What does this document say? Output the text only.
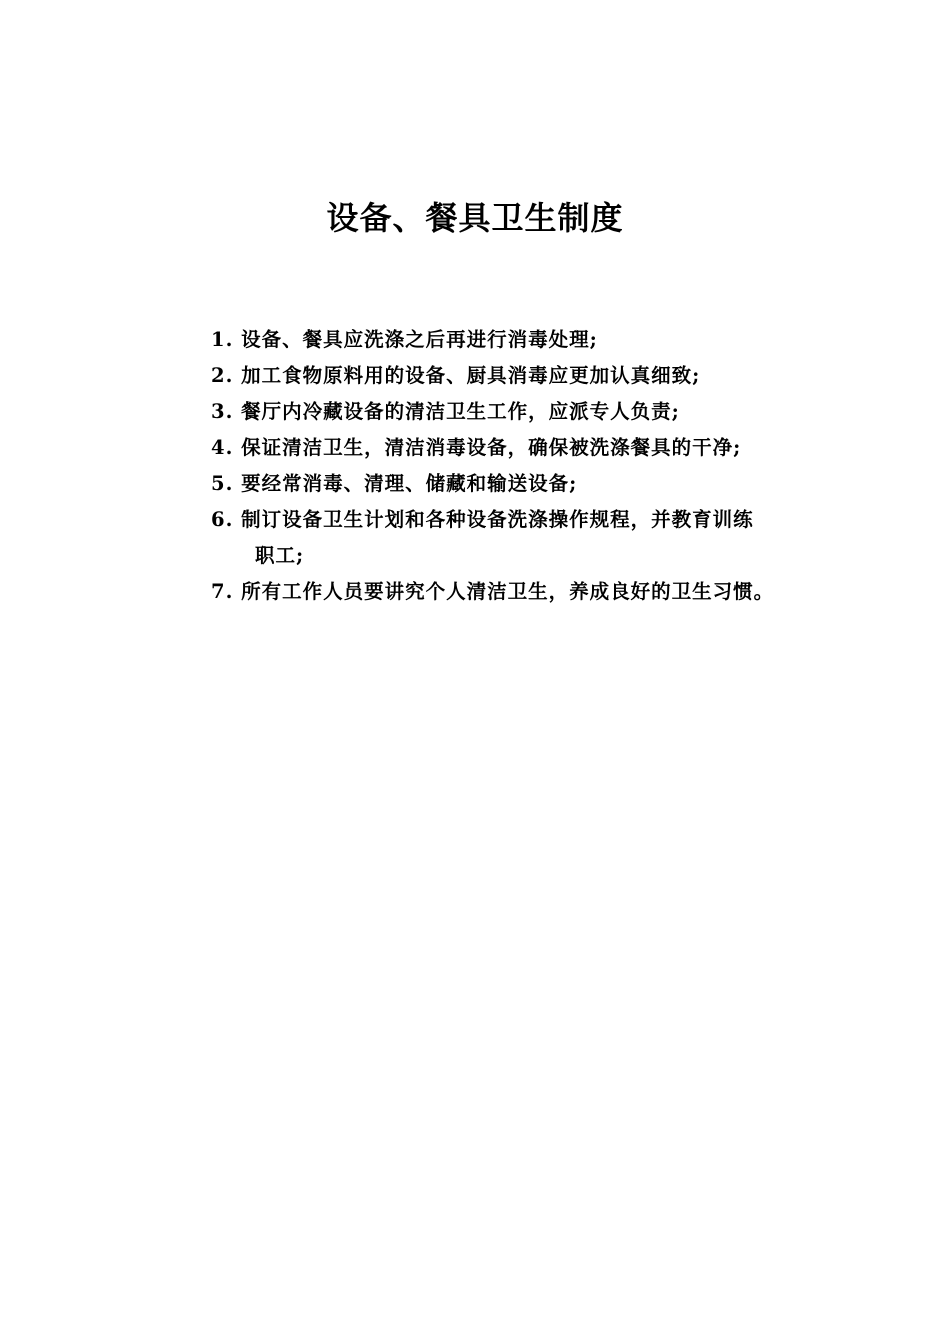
设备、餐具卫生制度
1. 设备、餐具应洗涤之后再进行消毒处理;
2. 加工食物原料用的设备、厨具消毒应更加认真细致;
3. 餐厅内冷藏设备的清洁卫生工作，应派专人负责;
4. 保证清洁卫生，清洁消毒设备，确保被洗涤餐具的干净;
5. 要经常消毒、清理、储藏和输送设备;
6. 制订设备卫生计划和各种设备洗涤操作规程，并教育训练
职工;
7. 所有工作人员要讲究个人清洁卫生，养成良好的卫生习惯。
